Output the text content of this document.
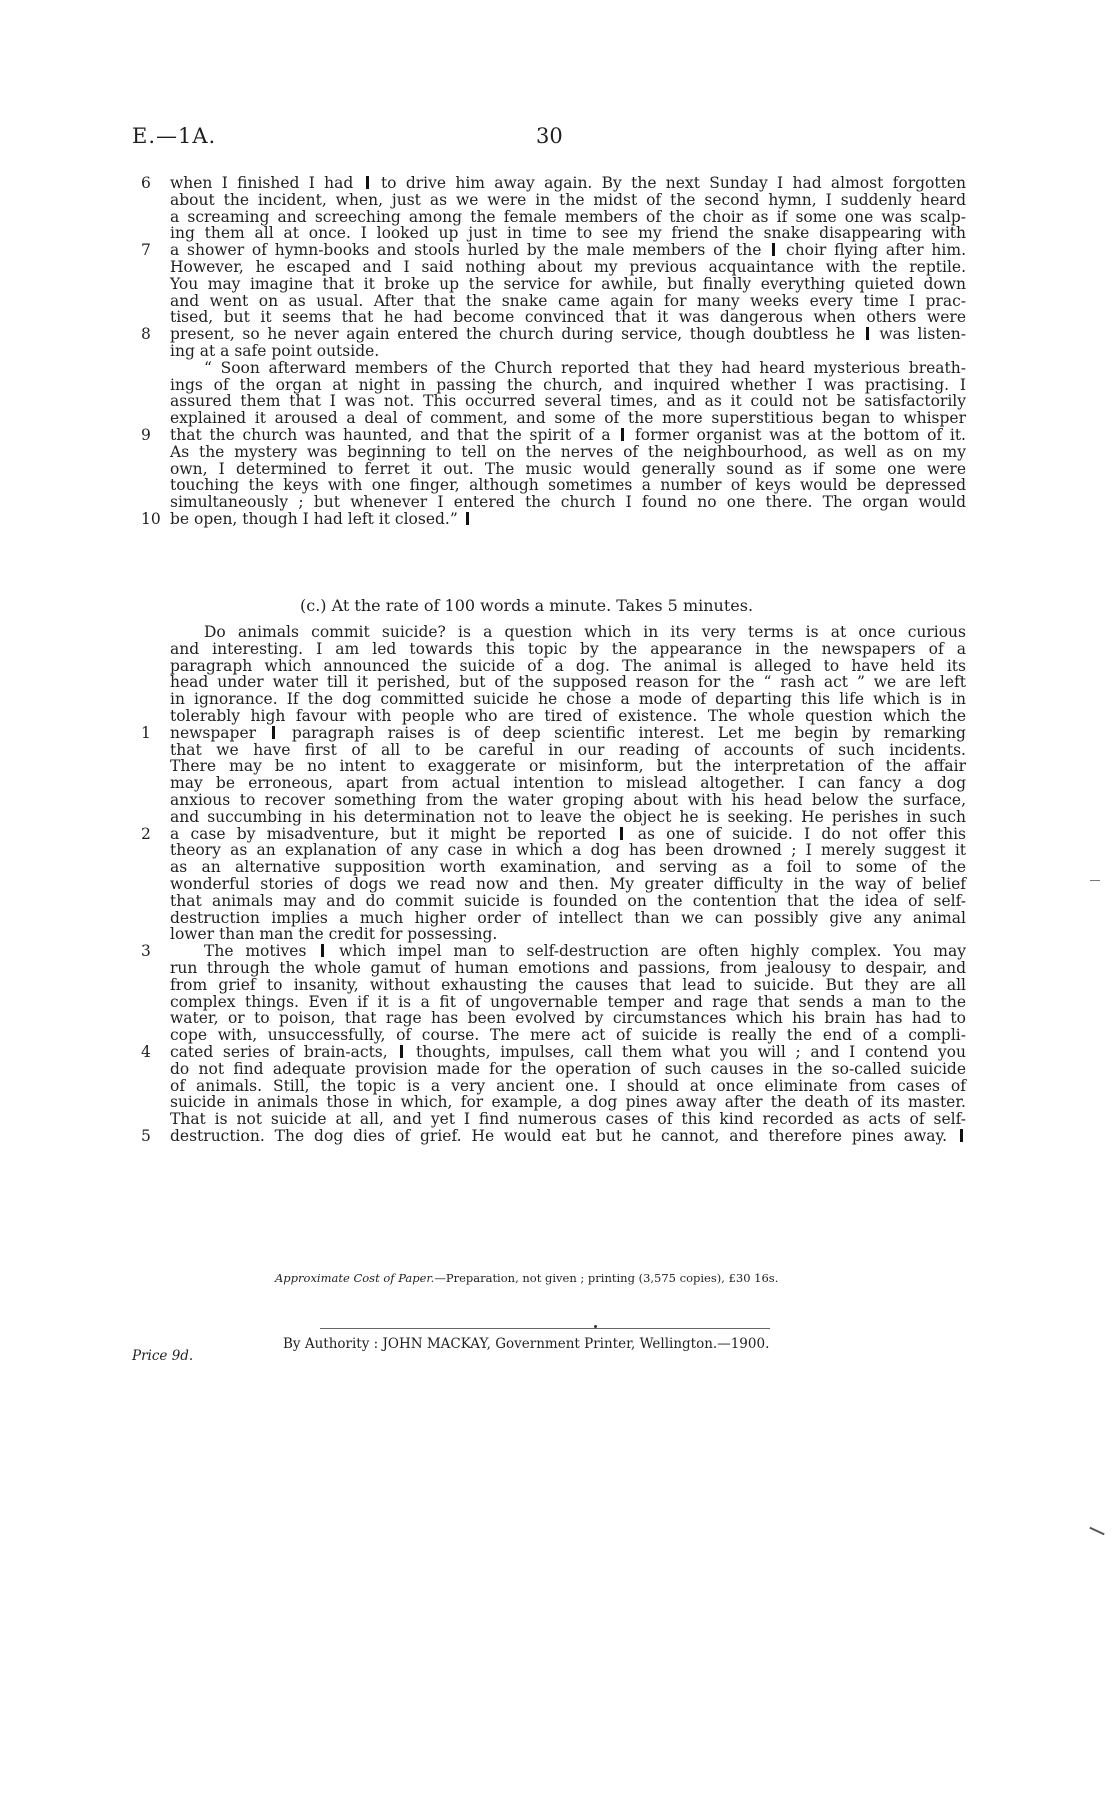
E.—1A.	30
6	when I finished I had to drive him away again. By the next Sunday I had almost forgotten
about the incident, when, just as we were in the midst of the second hymn, I suddenly heard
a screaming and screeching among the female members of the choir as if some one was scalp-
ing them all at once. I looked up just in time to see my friend the snake disappearing with
7	a shower of hymn-books and stools hurled by the male members of the choir flying after him.
However, he escaped and I said nothing about my previous acquaintance with the reptile.
You may imagine that it broke up the service for awhile, but finally everything quieted down
and went on as usual. After that the snake came again for many weeks every time I prac-
tised, but it seems that he had become convinced that it was dangerous when others were
8	present, so he never again entered the church during service, though doubtless he was listen-
ing at a safe point outside.
“ Soon afterward members of the Church reported that they had heard mysterious breath-
ings of the organ at night in passing the church, and inquired whether I was practising. I
assured them that I was not. This occurred several times, and as it could not be satisfactorily
explained it aroused a deal of comment, and some of the more superstitious began to whisper
9	that the church was haunted, and that the spirit of a former organist was at the bottom of it.
As the mystery was beginning to tell on the nerves of the neighbourhood, as well as on my
own, I determined to ferret it out. The music would generally sound as if some one were
touching the keys with one finger, although sometimes a number of keys would be depressed
simultaneously ; but whenever I entered the church I found no one there. The organ would
10 be open, though I had left it closed.”
(c.) At the rate of 100 words a minute. Takes 5 minutes.
Do animals commit suicide? is a question which in its very terms is at once curious
and interesting. I am led towards this topic by the appearance in the newspapers of a
paragraph which announced the suicide of a dog. The animal is alleged to have held its
head under water till it perished, but of the supposed reason for the “ rash act ” we are left
in ignorance. If the dog committed suicide he chose a mode of departing this life which is in
tolerably high favour with people who are tired of existence. The whole question which the
1	newspaper paragraph raises is of deep scientific interest. Let me begin by remarking
that we have first of all to be careful in our reading of accounts of such incidents.
There may be no intent to exaggerate or misinform, but the interpretation of the affair
may be erroneous, apart from actual intention to mislead altogether. I can fancy a dog
anxious to recover something from the water groping about with his head below the surface,
and succumbing in his determination not to leave the object he is seeking. He perishes in such
2	a case by misadventure, but it might be reported as one of suicide. I do not offer this
theory as an explanation of any case in which a dog has been drowned ; I merely suggest it
as an alternative supposition worth examination, and serving as a foil to some of the
wonderful stories of dogs we read now and then. My greater difficulty in the way of belief
that animals may and do commit suicide is founded on the contention that the idea of self-
destruction implies a much higher order of intellect than we can possibly give any animal
lower than man the credit for possessing.
3	The motives which impel man to self-destruction are often highly complex. You may
run through the whole gamut of human emotions and passions, from jealousy to despair, and
from grief to insanity, without exhausting the causes that lead to suicide. But they are all
complex things. Even if it is a fit of ungovernable temper and rage that sends a man to the
water, or to poison, that rage has been evolved by circumstances which his brain has had to
cope with, unsuccessfully, of course. The mere act of suicide is really the end of a compli-
4	cated series of brain-acts, thoughts, impulses, call them what you will ; and I contend you
do not find adequate provision made for the operation of such causes in the so-called suicide
of animals. Still, the topic is a very ancient one. I should at once eliminate from cases of
suicide in animals those in which, for example, a dog pines away after the death of its master.
That is not suicide at all, and yet I find numerous cases of this kind recorded as acts of self-
5	destruction. The dog dies of grief. He would eat but he cannot, and therefore pines away.
Approximate Cost of Paper.—Preparation, not given ; printing (3,575 copies), £30 16s.
By Authority : JOHN MACKAY, Government Printer, Wellington.—1900.
Price 9d.
